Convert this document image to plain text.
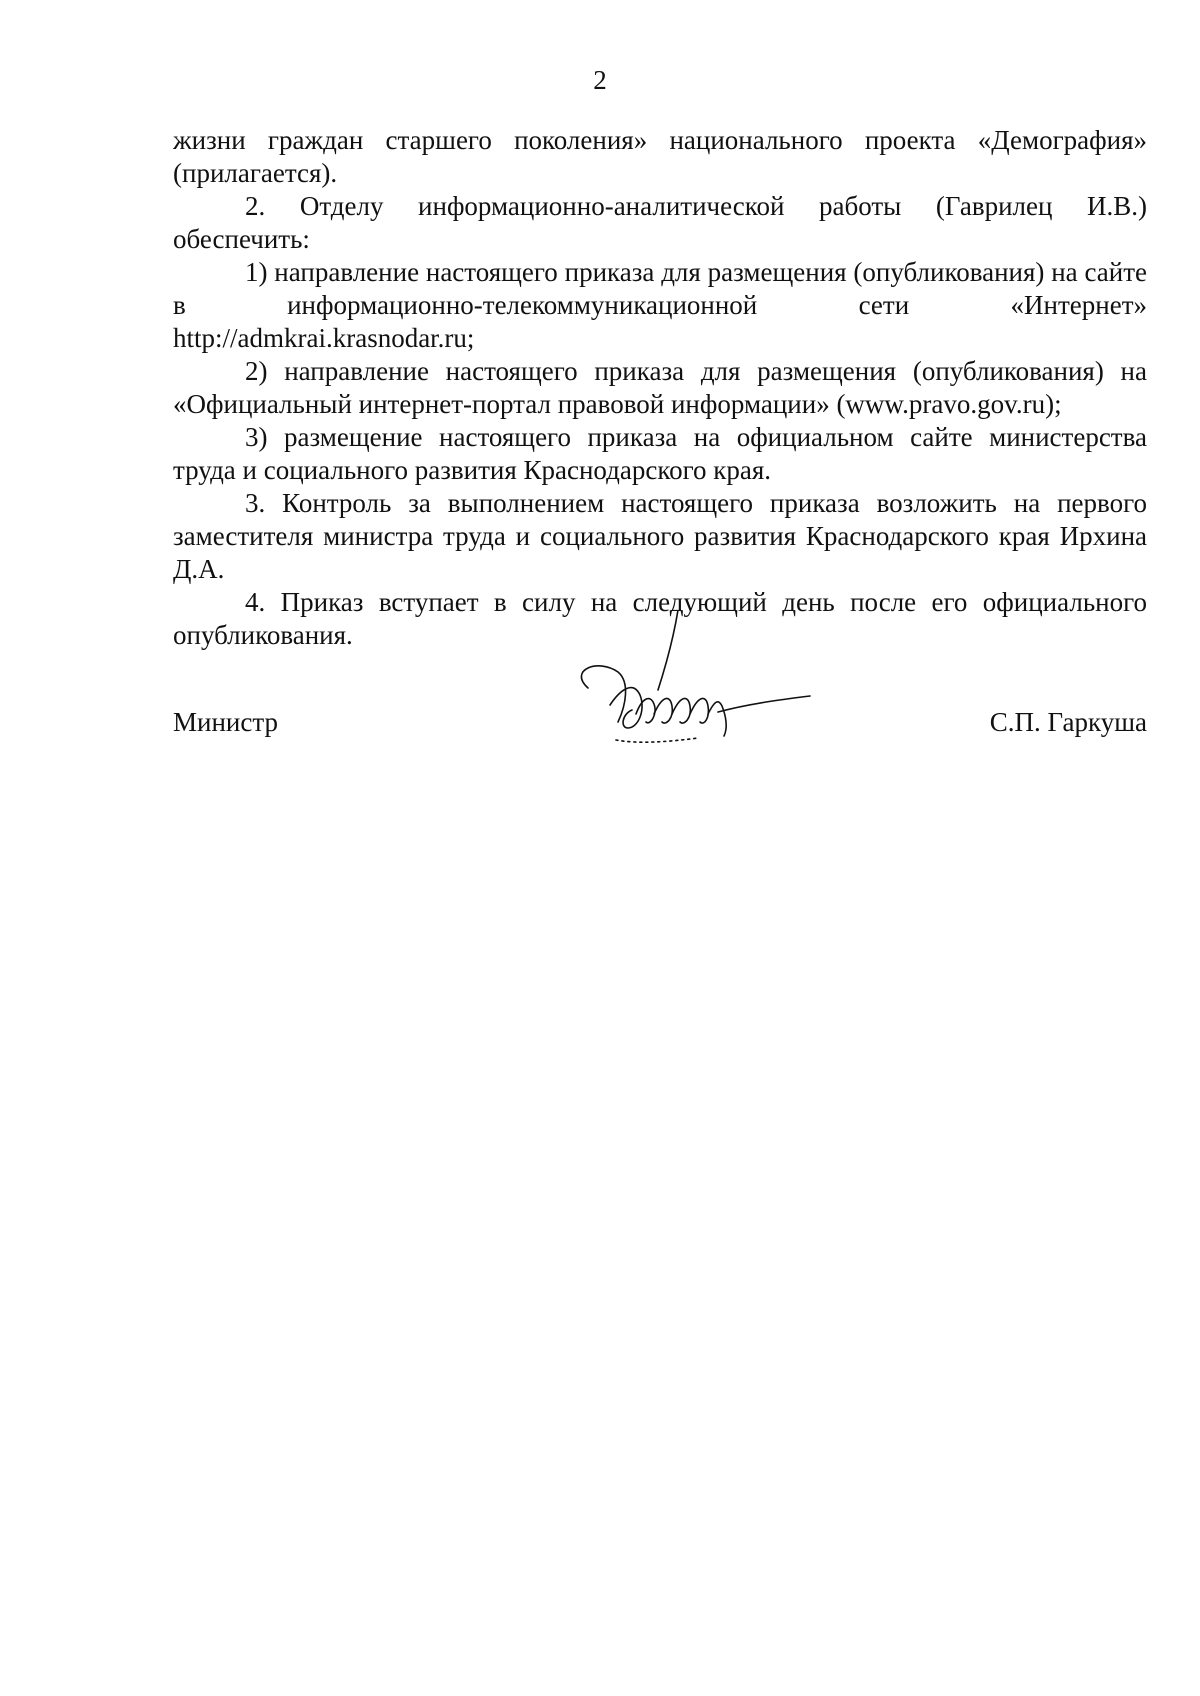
2

жизни граждан старшего поколения» национального проекта «Демография» (прилагается).

2. Отделу информационно-аналитической работы (Гаврилец И.В.) обеспечить:

1) направление настоящего приказа для размещения (опубликования) на сайте в информационно-телекоммуникационной сети «Интернет» http://admkrai.krasnodar.ru;

2) направление настоящего приказа для размещения (опубликования) на «Официальный интернет-портал правовой информации» (www.pravo.gov.ru);

3) размещение настоящего приказа на официальном сайте министерства труда и социального развития Краснодарского края.

3. Контроль за выполнением настоящего приказа возложить на первого заместителя министра труда и социального развития Краснодарского края Ирхина Д.А.

4. Приказ вступает в силу на следующий день после его официального опубликования.

Министр	С.П. Гаркуша
